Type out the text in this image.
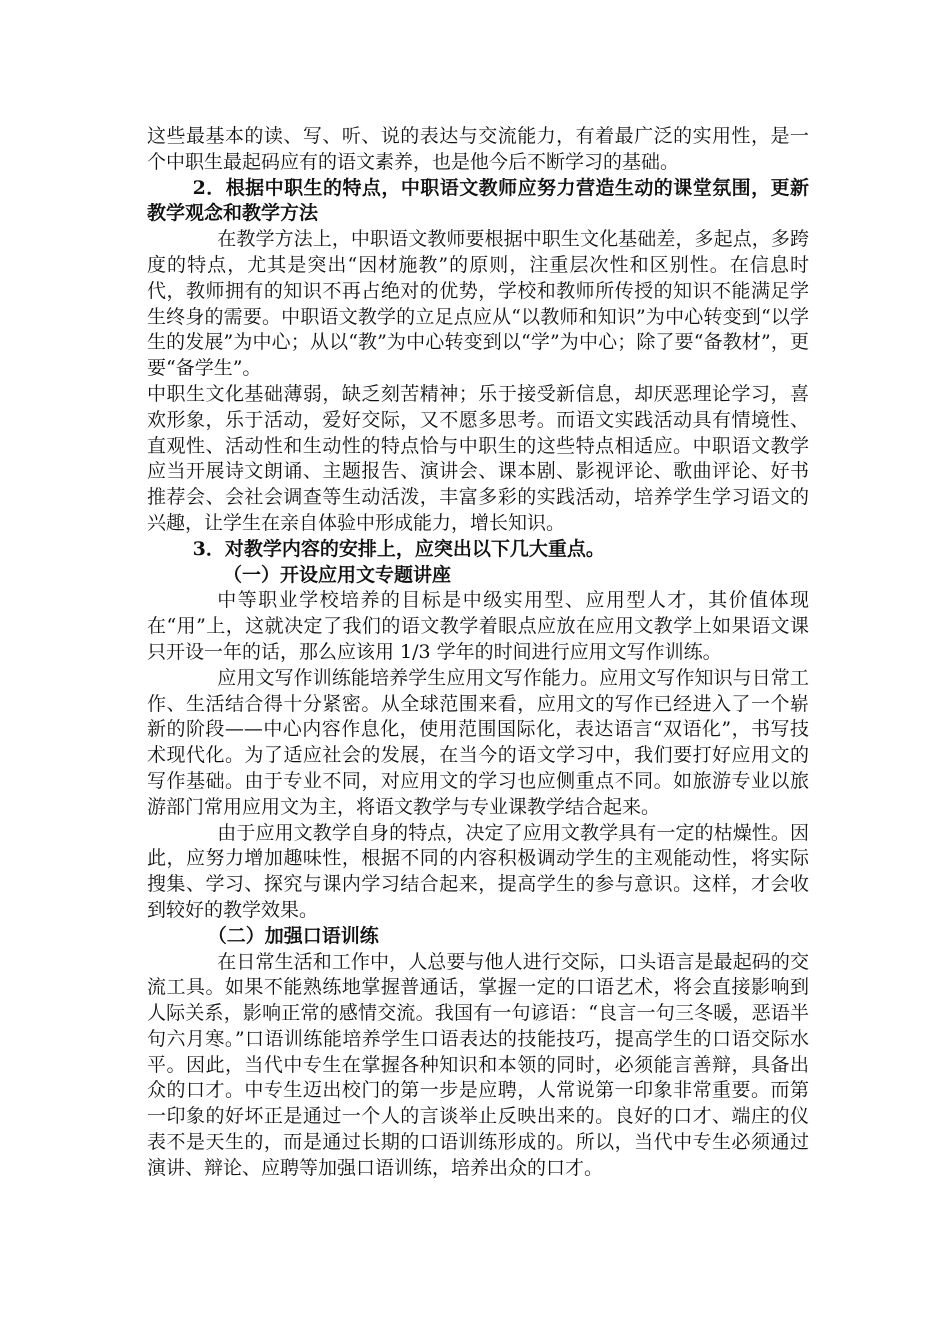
这些最基本的读、写、听、说的表达与交流能力，有着最广泛的实用性，是一个中职生最起码应有的语文素养，也是他今后不断学习的基础。

2．根据中职生的特点，中职语文教师应努力营造生动的课堂氛围，更新教学观念和教学方法

在教学方法上，中职语文教师要根据中职生文化基础差，多起点，多跨度的特点，尤其是突出“因材施教”的原则，注重层次性和区别性。在信息时代，教师拥有的知识不再占绝对的优势，学校和教师所传授的知识不能满足学生终身的需要。中职语文教学的立足点应从“以教师和知识”为中心转变到“以学生的发展”为中心；从以“教”为中心转变到以“学”为中心；除了要“备教材”，更要“备学生”。

中职生文化基础薄弱，缺乏刻苦精神；乐于接受新信息，却厌恶理论学习，喜欢形象，乐于活动，爱好交际，又不愿多思考。而语文实践活动具有情境性、直观性、活动性和生动性的特点恰与中职生的这些特点相适应。中职语文教学应当开展诗文朗诵、主题报告、演讲会、课本剧、影视评论、歌曲评论、好书推荐会、会社会调查等生动活泼，丰富多彩的实践活动，培养学生学习语文的兴趣，让学生在亲自体验中形成能力，增长知识。

3．对教学内容的安排上，应突出以下几大重点。

（一）开设应用文专题讲座

中等职业学校培养的目标是中级实用型、应用型人才，其价值体现在“用”上，这就决定了我们的语文教学着眼点应放在应用文教学上如果语文课只开设一年的话，那么应该用 1/3 学年的时间进行应用文写作训练。

应用文写作训练能培养学生应用文写作能力。应用文写作知识与日常工作、生活结合得十分紧密。从全球范围来看，应用文的写作已经进入了一个崭新的阶段——中心内容作息化，使用范围国际化，表达语言“双语化”，书写技术现代化。为了适应社会的发展，在当今的语文学习中，我们要打好应用文的写作基础。由于专业不同，对应用文的学习也应侧重点不同。如旅游专业以旅游部门常用应用文为主，将语文教学与专业课教学结合起来。

由于应用文教学自身的特点，决定了应用文教学具有一定的枯燥性。因此，应努力增加趣味性，根据不同的内容积极调动学生的主观能动性，将实际搜集、学习、探究与课内学习结合起来，提高学生的参与意识。这样，才会收到较好的教学效果。

（二）加强口语训练

在日常生活和工作中，人总要与他人进行交际，口头语言是最起码的交流工具。如果不能熟练地掌握普通话，掌握一定的口语艺术，将会直接影响到人际关系，影响正常的感情交流。我国有一句谚语：“良言一句三冬暖，恶语半句六月寒。”口语训练能培养学生口语表达的技能技巧，提高学生的口语交际水平。因此，当代中专生在掌握各种知识和本领的同时，必须能言善辩，具备出众的口才。中专生迈出校门的第一步是应聘，人常说第一印象非常重要。而第一印象的好坏正是通过一个人的言谈举止反映出来的。良好的口才、端庄的仪表不是天生的，而是通过长期的口语训练形成的。所以，当代中专生必须通过演讲、辩论、应聘等加强口语训练，培养出众的口才。
